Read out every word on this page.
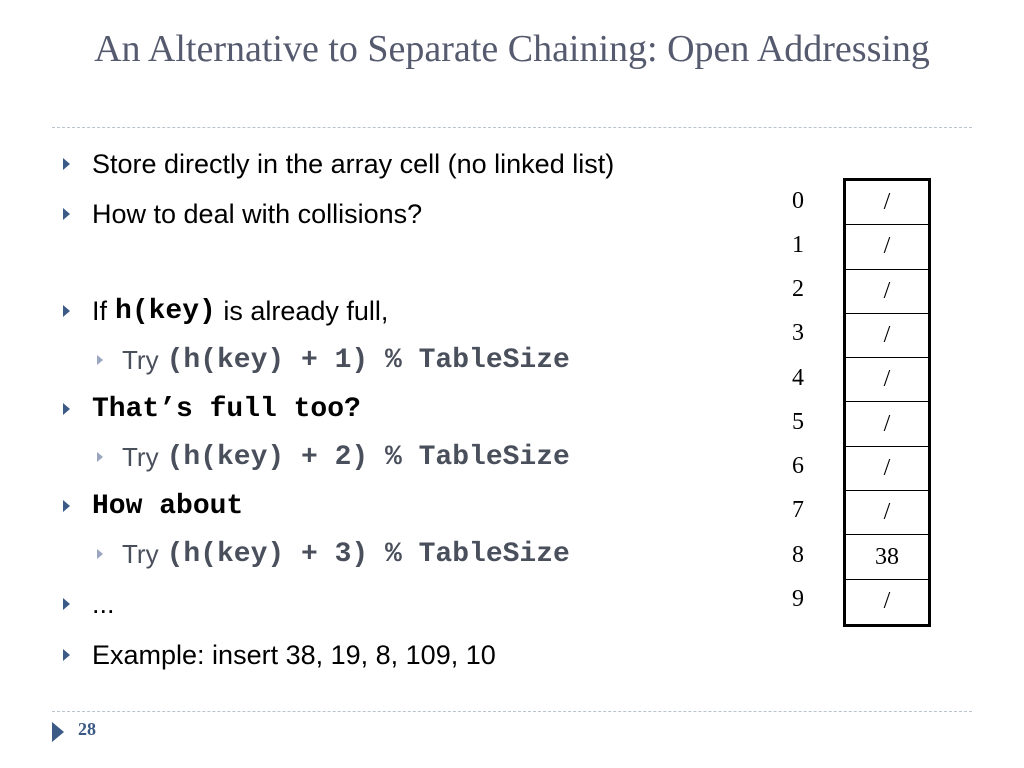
An Alternative to Separate Chaining: Open Addressing
Store directly in the array cell (no linked list)
How to deal with collisions?
If h(key) is already full,
Try (h(key) + 1) % TableSize
That’s full too?
Try (h(key) + 2) % TableSize
How about
Try (h(key) + 3) % TableSize
...
Example: insert 38, 19, 8, 109, 10
0
1
2
3
4
5
6
7
8
9
/
/
/
/
/
/
/
/
38
/
28
